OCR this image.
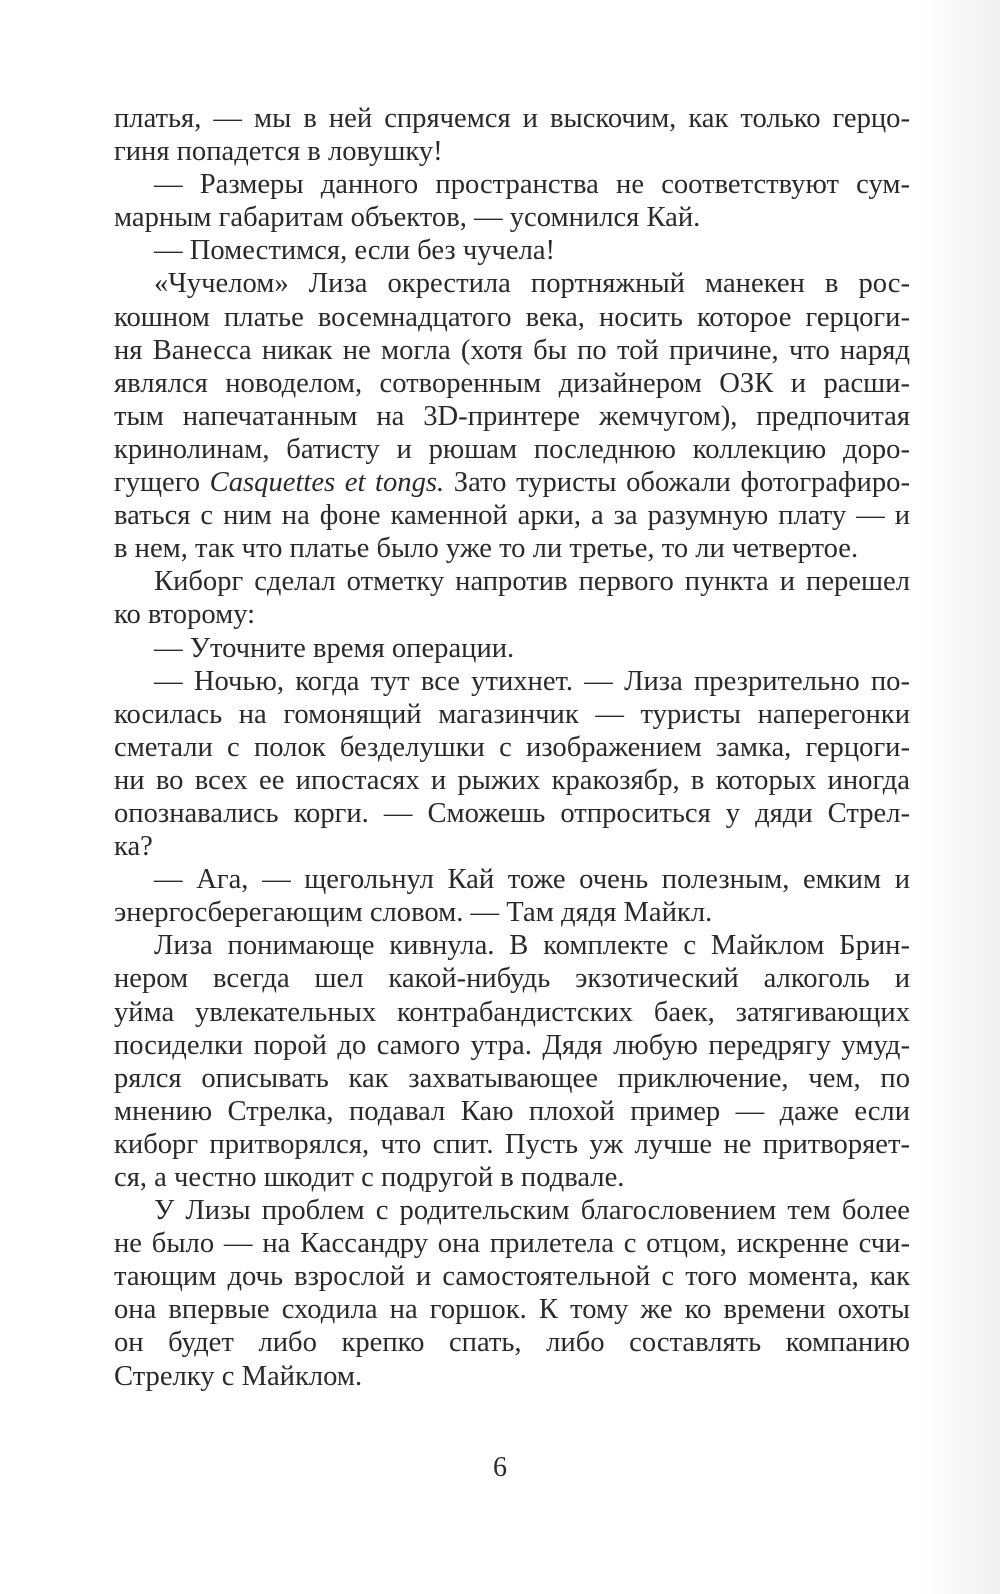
платья, — мы в ней спрячемся и выскочим, как только герцо-
гиня попадется в ловушку!
— Размеры данного пространства не соответствуют сум-
марным габаритам объектов, — усомнился Кай.
— Поместимся, если без чучела!
«Чучелом» Лиза окрестила портняжный манекен в рос-
кошном платье восемнадцатого века, носить которое герцоги-
ня Ванесса никак не могла (хотя бы по той причине, что наряд
являлся новоделом, сотворенным дизайнером ОЗК и расши-
тым напечатанным на 3D-принтере жемчугом), предпочитая
кринолинам, батисту и рюшам последнюю коллекцию доро-
гущего Casquettes et tongs. Зато туристы обожали фотографиро-
ваться с ним на фоне каменной арки, а за разумную плату — и
в нем, так что платье было уже то ли третье, то ли четвертое.
Киборг сделал отметку напротив первого пункта и перешел
ко второму:
— Уточните время операции.
— Ночью, когда тут все утихнет. — Лиза презрительно по-
косилась на гомонящий магазинчик — туристы наперегонки
сметали с полок безделушки с изображением замка, герцоги-
ни во всех ее ипостасях и рыжих кракозябр, в которых иногда
опознавались корги. — Сможешь отпроситься у дяди Стрел-
ка?
— Ага, — щегольнул Кай тоже очень полезным, емким и
энергосберегающим словом. — Там дядя Майкл.
Лиза понимающе кивнула. В комплекте с Майклом Брин-
нером всегда шел какой-нибудь экзотический алкоголь и
уйма увлекательных контрабандистских баек, затягивающих
посиделки порой до самого утра. Дядя любую передрягу умуд-
рялся описывать как захватывающее приключение, чем, по
мнению Стрелка, подавал Каю плохой пример — даже если
киборг притворялся, что спит. Пусть уж лучше не притворяет-
ся, а честно шкодит с подругой в подвале.
У Лизы проблем с родительским благословением тем более
не было — на Кассандру она прилетела с отцом, искренне счи-
тающим дочь взрослой и самостоятельной с того момента, как
она впервые сходила на горшок. К тому же ко времени охоты
он будет либо крепко спать, либо составлять компанию
Стрелку с Майклом.
6
